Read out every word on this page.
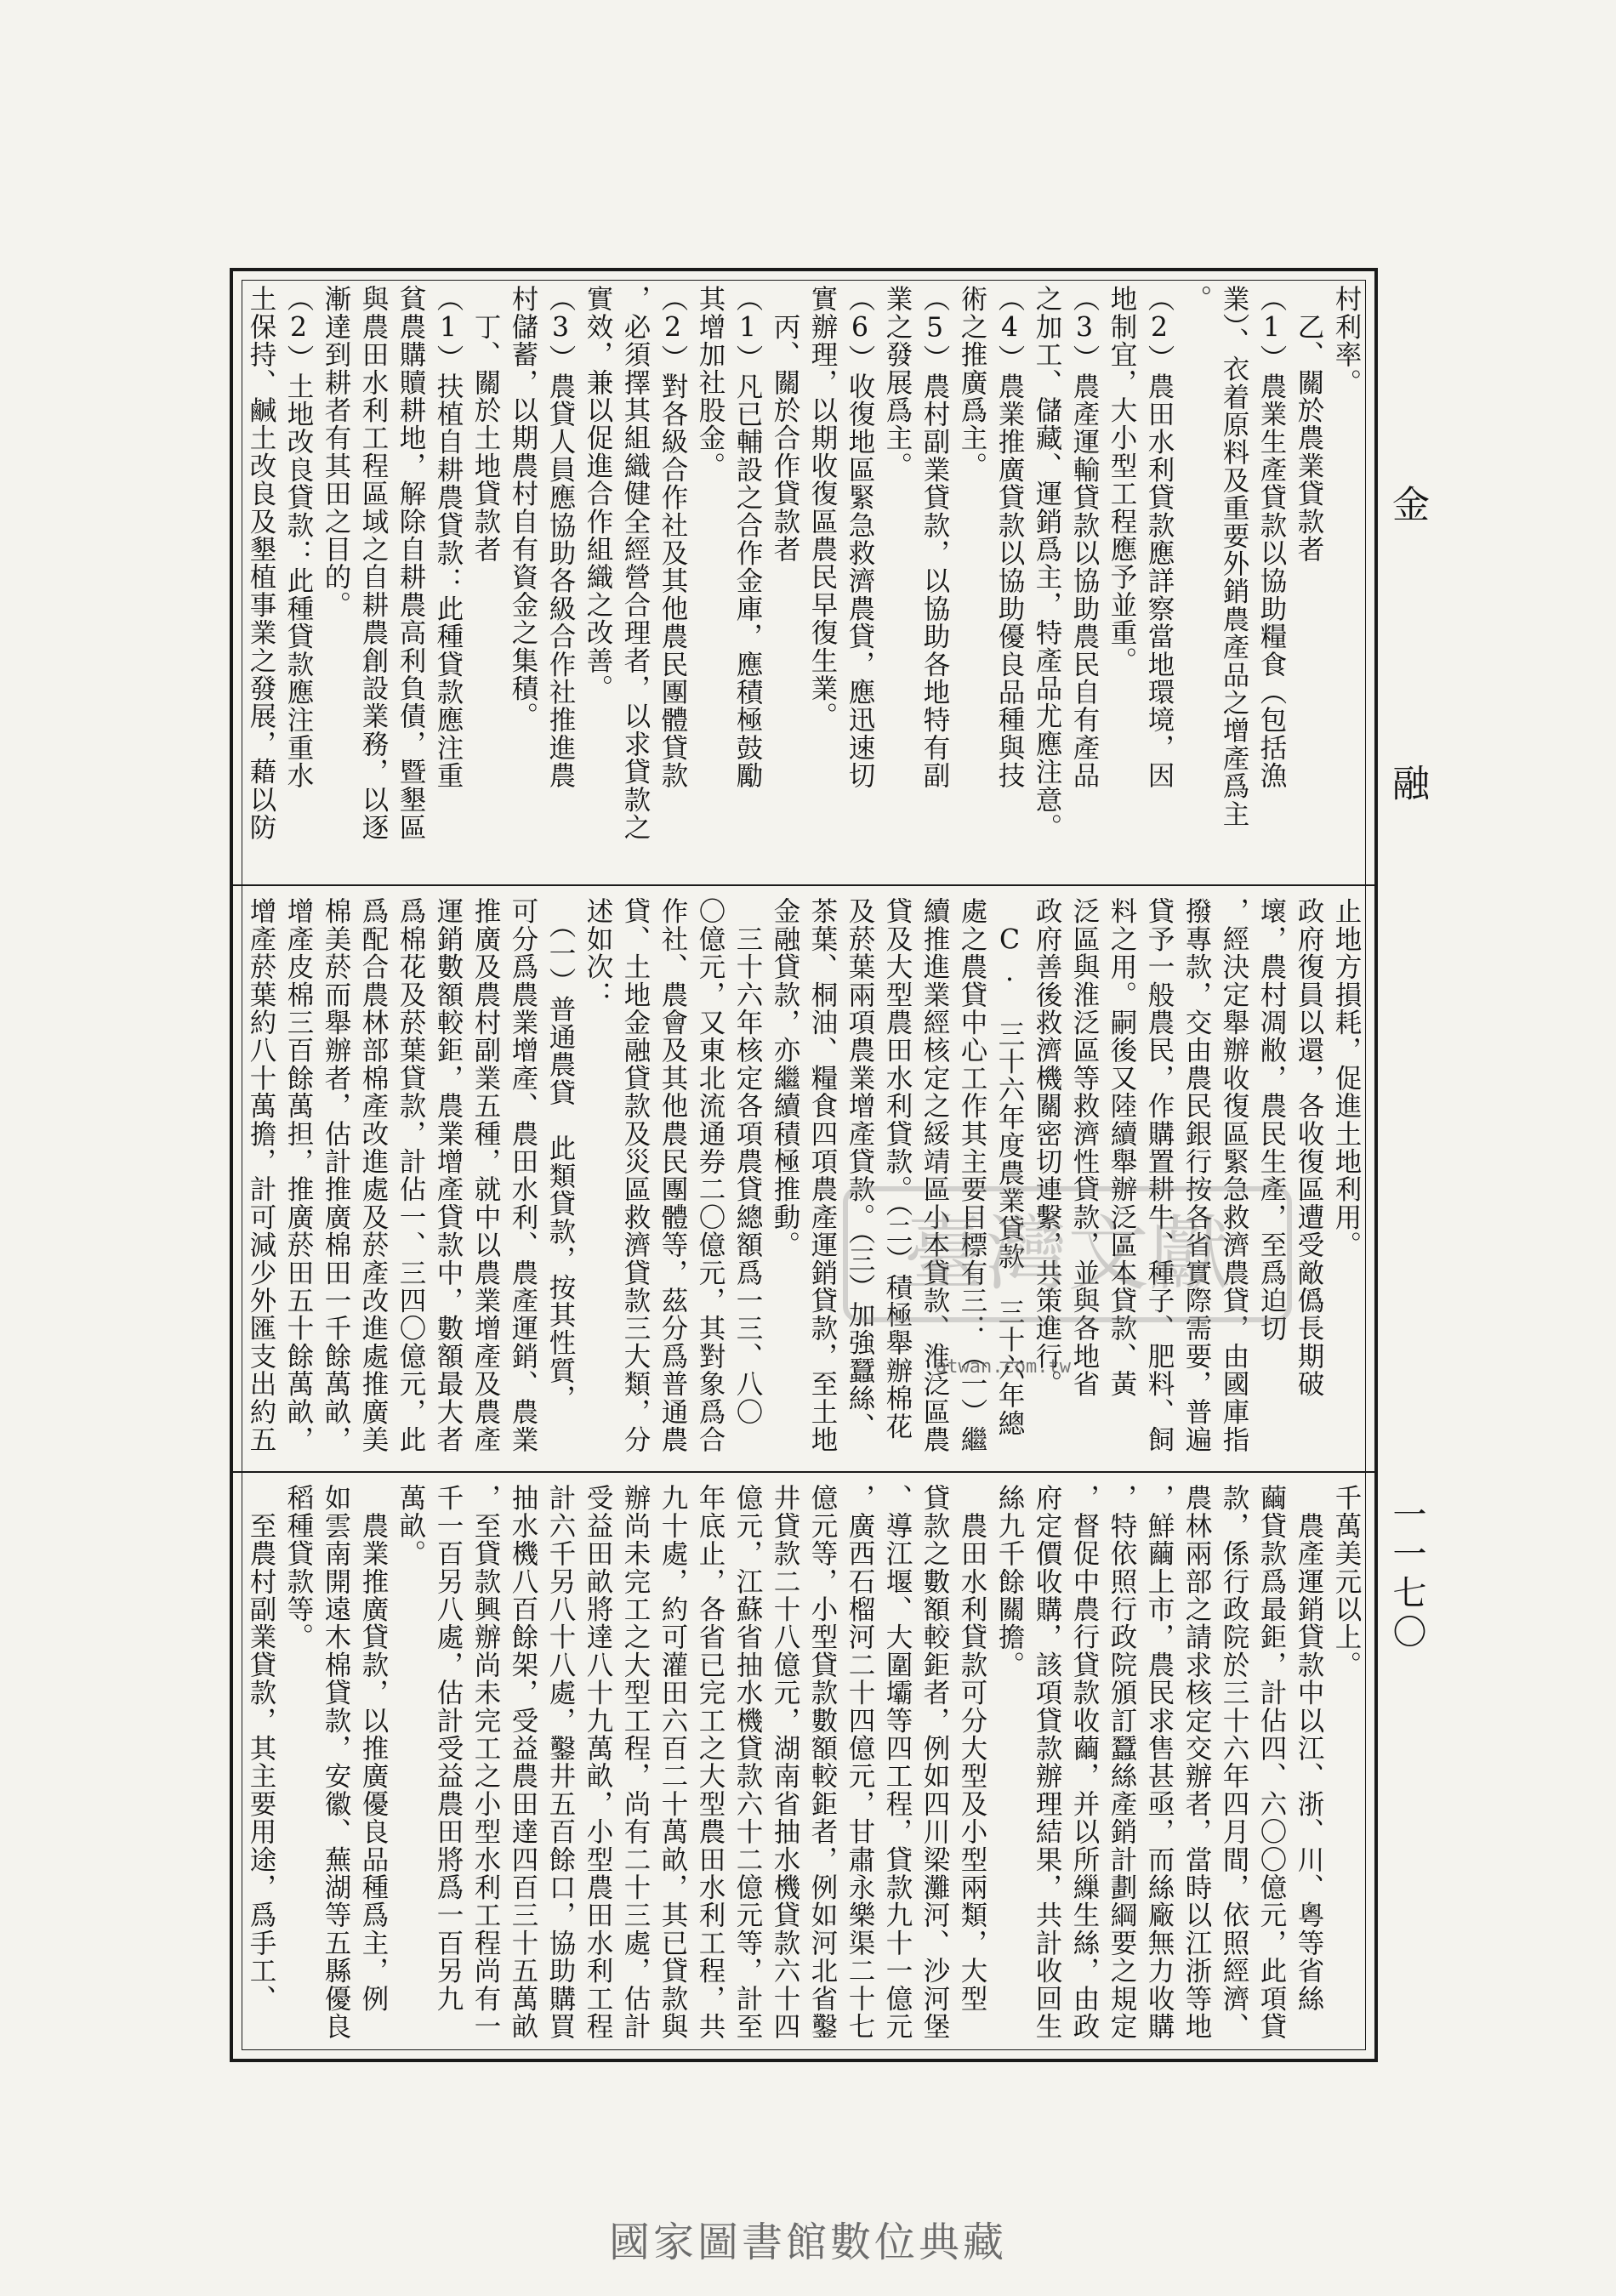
金　融
一一七〇
村利率。
　乙、關於農業貸款者
（1）農業生產貸款以協助糧食（包括漁
業）、衣着原料及重要外銷農產品之增產爲主
。
（2）農田水利貸款應詳察當地環境，因
地制宜，大小型工程應予並重。
（3）農產運輸貸款以協助農民自有產品
之加工、儲藏、運銷爲主，特產品尤應注意。
（4）農業推廣貸款以協助優良品種與技
術之推廣爲主。
（5）農村副業貸款，以協助各地特有副
業之發展爲主。
（6）收復地區緊急救濟農貸，應迅速切
實辦理，以期收復區農民早復生業。
　丙、關於合作貸款者
（1）凡已輔設之合作金庫，應積極鼓勵
其增加社股金。
（2）對各級合作社及其他農民團體貸款
，必須擇其組織健全經營合理者，以求貸款之
實效，兼以促進合作組織之改善。
（3）農貸人員應協助各級合作社推進農
村儲蓄，以期農村自有資金之集積。
　丁、關於土地貸款者
（1）扶植自耕農貸款：此種貸款應注重
貧農購贖耕地，解除自耕農高利負債，暨墾區
與農田水利工程區域之自耕農創設業務，以逐
漸達到耕者有其田之目的。
（2）土地改良貸款：此種貸款應注重水
土保持、鹹土改良及墾植事業之發展，藉以防
止地方損耗，促進土地利用。
政府復員以還，各收復區遭受敵僞長期破
壞，農村凋敝，農民生產，至爲迫切
，經決定舉辦收復區緊急救濟農貸，由國庫指
撥專款，交由農民銀行按各省實際需要，普遍
貸予一般農民，作購置耕牛、種子、肥料、飼
料之用。嗣後又陸續舉辦泛區本貸款、黃
泛區與淮泛區等救濟性貸款，並與各地省
政府善後救濟機關密切連繫，共策進行。
　C. 三十六年度農業貸款　三十六年總
處之農貸中心工作其主要目標有三：（一）繼
續推進業經核定之綏靖區小本貸款、淮泛區農
貸及大型農田水利貸款。（二）積極舉辦棉花
及菸葉兩項農業增產貸款。（三）加強蠶絲、
茶葉、桐油、糧食四項農產運銷貸款，至土地
金融貸款，亦繼續積極推動。
　三十六年核定各項農貸總額爲一三、八〇
〇億元，又東北流通券二〇億元，其對象爲合
作社、農會及其他農民團體等，茲分爲普通農
貸、土地金融貸款及災區救濟貸款三大類，分
述如次：
　（一）普通農貸　此類貸款，按其性質，
可分爲農業增產、農田水利、農產運銷、農業
推廣及農村副業五種，就中以農業增產及農產
運銷數額較鉅，農業增產貸款中，數額最大者
爲棉花及菸葉貸款，計佔一、三四〇億元，此
爲配合農林部棉產改進處及菸產改進處推廣美
棉美菸而舉辦者，估計推廣棉田一千餘萬畝，
增產皮棉三百餘萬担，推廣菸田五十餘萬畝，
增產菸葉約八十萬擔，計可減少外匯支出約五
千萬美元以上。
　農產運銷貸款中以江、浙、川、粵等省絲
繭貸款爲最鉅，計佔四、六〇〇億元，此項貸
款，係行政院於三十六年四月間，依照經濟、
農林兩部之請求核定交辦者，當時以江浙等地
，鮮繭上市，農民求售甚亟，而絲廠無力收購
，特依照行政院頒訂蠶絲產銷計劃綱要之規定
，督促中農行貸款收繭，并以所繅生絲，由政
府定價收購，該項貸款辦理結果，共計收回生
絲九千餘關擔。
　農田水利貸款可分大型及小型兩類，大型
貸款之數額較鉅者，例如四川梁灘河、沙河堡
、導江堰、大圍壩等四工程，貸款九十一億元
，廣西石榴河二十四億元，甘肅永樂渠二十七
億元等，小型貸款數額較鉅者，例如河北省鑿
井貸款二十八億元，湖南省抽水機貸款六十四
億元，江蘇省抽水機貸款六十二億元等，計至
年底止，各省已完工之大型農田水利工程，共
九十處，約可灌田六百二十萬畝，其已貸款與
辦尚未完工之大型工程，尚有二十三處，估計
受益田畝將達八十九萬畝，小型農田水利工程
計六千另八十八處，鑿井五百餘口，協助購買
抽水機八百餘架，受益農田達四百三十五萬畝
，至貸款興辦尚未完工之小型水利工程尚有一
千一百另八處，估計受益農田將爲一百另九
萬畝。
　農業推廣貸款，以推廣優良品種爲主，例
如雲南開遠木棉貸款，安徽、蕪湖等五縣優良
稻種貸款等。
　至農村副業貸款，其主要用途，爲手工、
臺灣文獻
atwan.com.tw
國家圖書館數位典藏
